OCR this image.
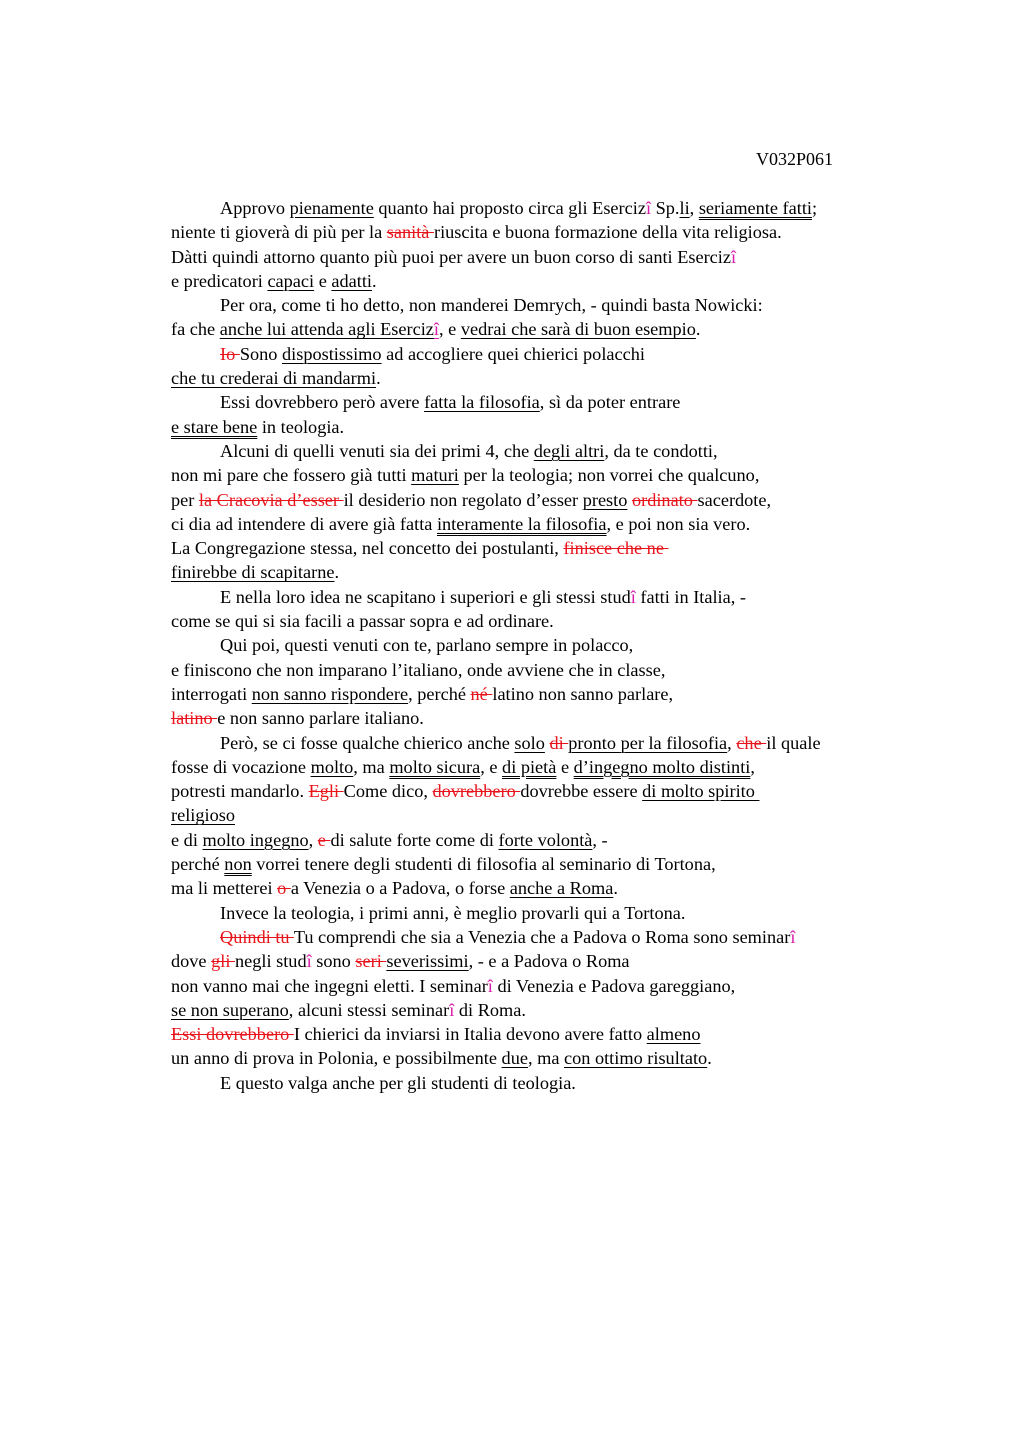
V032P061
Approvo pienamente quanto hai proposto circa gli Esercizî Sp.li, seriamente fatti;
niente ti gioverà di più per la sanità riuscita e buona formazione della vita religiosa.
Dàtti quindi attorno quanto più puoi per avere un buon corso di santi Esercizî
e predicatori capaci e adatti.
Per ora, come ti ho detto, non manderei Demrych, - quindi basta Nowicki:
fa che anche lui attenda agli Esercizî, e vedrai che sarà di buon esempio.
Io Sono dispostissimo ad accogliere quei chierici polacchi
che tu crederai di mandarmi.
Essi dovrebbero però avere fatta la filosofia, sì da poter entrare
e stare bene in teologia.
Alcuni di quelli venuti sia dei primi 4, che degli altri, da te condotti,
non mi pare che fossero già tutti maturi per la teologia; non vorrei che qualcuno,
per la Cracovia d’esser il desiderio non regolato d’esser presto ordinato sacerdote,
ci dia ad intendere di avere già fatta interamente la filosofia, e poi non sia vero.
La Congregazione stessa, nel concetto dei postulanti, finisce che ne
finirebbe di scapitarne.
E nella loro idea ne scapitano i superiori e gli stessi studî fatti in Italia, -
come se qui si sia facili a passar sopra e ad ordinare.
Qui poi, questi venuti con te, parlano sempre in polacco,
e finiscono che non imparano l’italiano, onde avviene che in classe,
interrogati non sanno rispondere, perché né latino non sanno parlare,
latino e non sanno parlare italiano.
Però, se ci fosse qualche chierico anche solo di pronto per la filosofia, che il quale
fosse di vocazione molto, ma molto sicura, e di pietà e d’ingegno molto distinti,
potresti mandarlo. Egli Come dico, dovrebbero dovrebbe essere di molto spirito
religioso
e di molto ingegno, e di salute forte come di forte volontà, -
perché non vorrei tenere degli studenti di filosofia al seminario di Tortona,
ma li metterei o a Venezia o a Padova, o forse anche a Roma.
Invece la teologia, i primi anni, è meglio provarli qui a Tortona.
Quindi tu Tu comprendi che sia a Venezia che a Padova o Roma sono seminarî
dove gli negli studî sono seri severissimi, - e a Padova o Roma
non vanno mai che ingegni eletti. I seminarî di Venezia e Padova gareggiano,
se non superano, alcuni stessi seminarî di Roma.
Essi dovrebbero I chierici da inviarsi in Italia devono avere fatto almeno
un anno di prova in Polonia, e possibilmente due, ma con ottimo risultato.
E questo valga anche per gli studenti di teologia.
